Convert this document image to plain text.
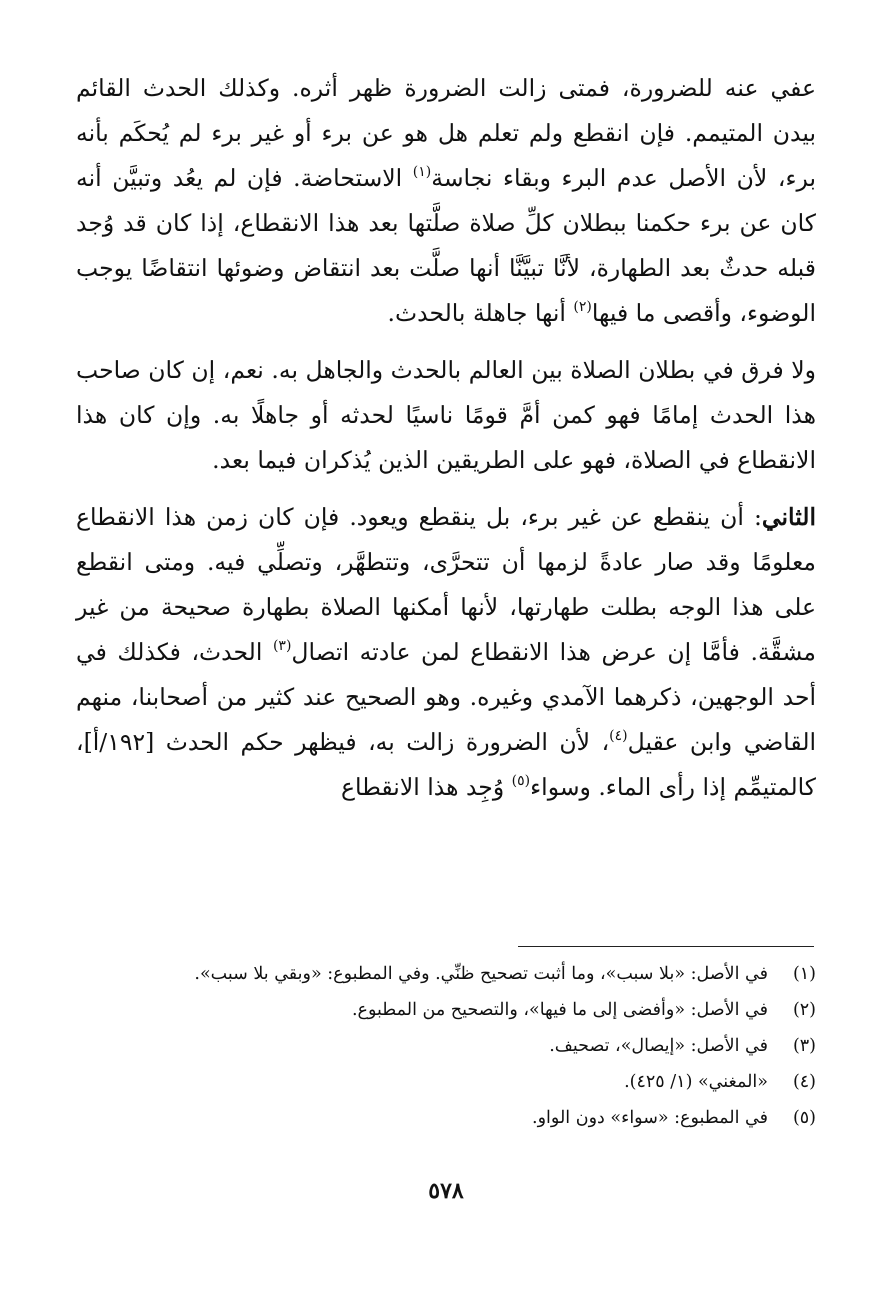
عفي عنه للضرورة، فمتى زالت الضرورة ظهر أثره. وكذلك الحدث القائم بيدن المتيمم. فإن انقطع ولم تعلم هل هو عن برء أو غير برء لم يُحكَم بأنه برء، لأن الأصل عدم البرء وبقاء نجاسة$^{(١)}$ الاستحاضة. فإن لم يعُد وتبيَّن أنه كان عن برء حكمنا ببطلان كلِّ صلاة صلَّتها بعد هذا الانقطاع، إذا كان قد وُجد قبله حدثٌ بعد الطهارة، لأنَّا تبيَّنَّا أنها صلَّت بعد انتقاض وضوئها انتقاضًا يوجب الوضوء، وأقصى ما فيها$^{(٢)}$ أنها جاهلة بالحدث.

ولا فرق في بطلان الصلاة بين العالم بالحدث والجاهل به. نعم، إن كان صاحب هذا الحدث إمامًا فهو كمن أمَّ قومًا ناسيًا لحدثه أو جاهلًا به. وإن كان هذا الانقطاع في الصلاة، فهو على الطريقين الذين يُذكران فيما بعد.

الثاني: أن ينقطع عن غير برء، بل ينقطع ويعود. فإن كان زمن هذا الانقطاع معلومًا وقد صار عادةً لزمها أن تتحرَّى، وتتطهَّر، وتصلِّي فيه. ومتى انقطع على هذا الوجه بطلت طهارتها، لأنها أمكنها الصلاة بطهارة صحيحة من غير مشقَّة. فأمَّا إن عرض هذا الانقطاع لمن عادته اتصال$^{(٣)}$ الحدث، فكذلك في أحد الوجهين، ذكرهما الآمدي وغيره. وهو الصحيح عند كثير من أصحابنا، منهم القاضي وابن عقيل$^{(٤)}$، لأن الضرورة زالت به، فيظهر حكم الحدث [١٩٢/أ]، كالمتيمِّم إذا رأى الماء. وسواء$^{(٥)}$ وُجِد هذا الانقطاع

(١)
في الأصل: «بلا سبب»، وما أثبت تصحيح ظنِّي. وفي المطبوع: «وبقي بلا سبب».
(٢)
في الأصل: «وأفضى إلى ما فيها»، والتصحيح من المطبوع.
(٣)
في الأصل: «إيصال»، تصحيف.
(٤)
«المغني» (١/ ٤٢٥).
(٥)
في المطبوع: «سواء» دون الواو.
٥٧٨
